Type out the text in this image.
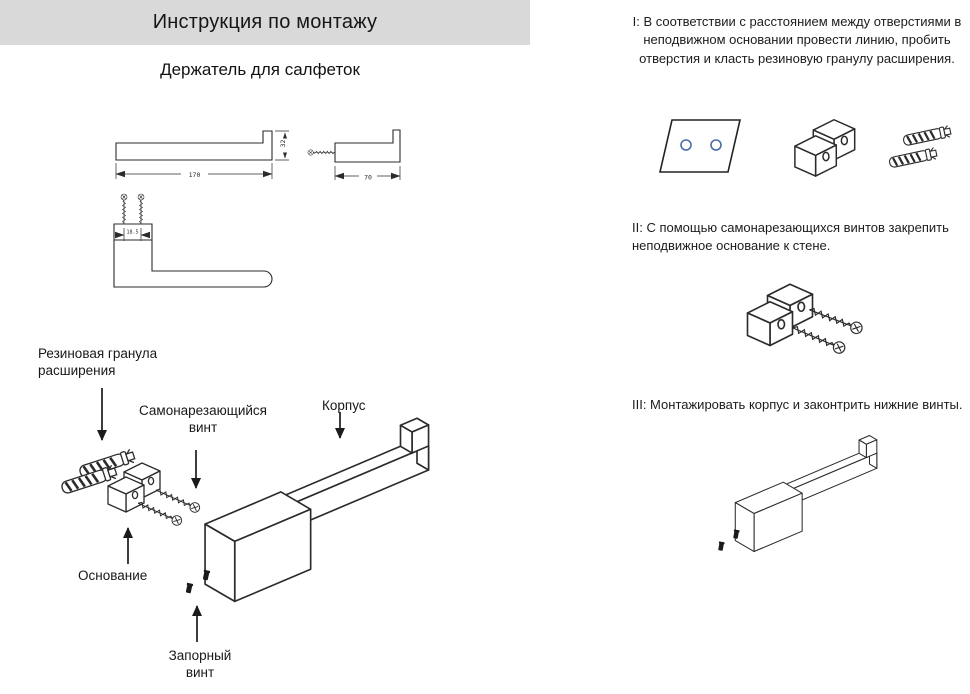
Инструкция по монтажу
Держатель для салфеток
170
32
70
18.5
Резиновая гранула расширения
Самонарезающийся винт
Корпус
Основание
Запорный винт
I: В соответствии с расстоянием между отверстиями в неподвижном основании провести линию, пробить отверстия и класть резиновую гранулу расширения.
II: С помощью самонарезающихся винтов закрепить неподвижное основание к стене.
III: Монтажировать корпус и законтрить нижние винты.
